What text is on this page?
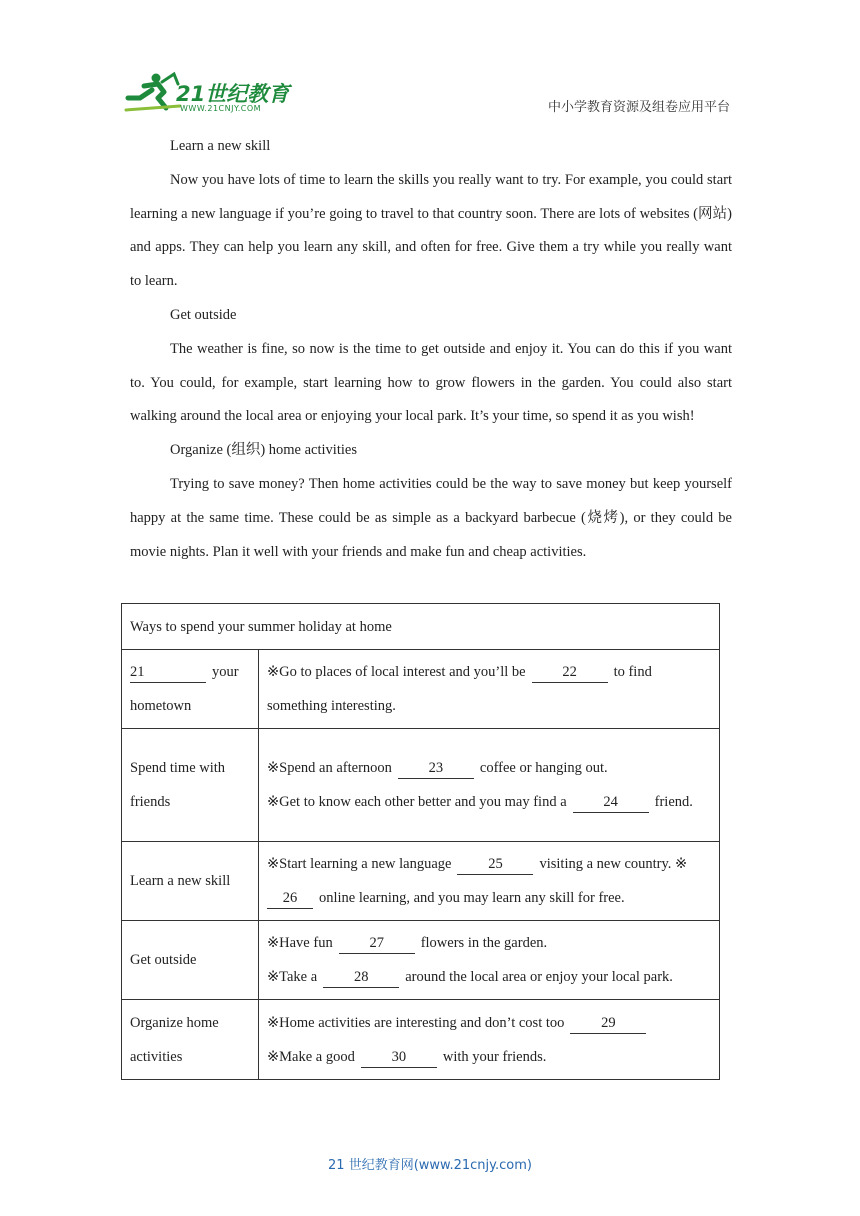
21世纪教育
WWW.21CNJY.COM	中小学教育资源及组卷应用平台

Learn a new skill

Now you have lots of time to learn the skills you really want to try. For example, you could start learning a new language if you’re going to travel to that country soon. There are lots of websites (网站) and apps. They can help you learn any skill, and often for free. Give them a try while you really want to learn.

Get outside

The weather is fine, so now is the time to get outside and enjoy it. You can do this if you want to. You could, for example, start learning how to grow flowers in the garden. You could also start walking around the local area or enjoying your local park. It’s your time, so spend it as you wish!

Organize (组织) home activities

Trying to save money? Then home activities could be the way to save money but keep yourself happy at the same time. These could be as simple as a backyard barbecue (烧烤), or they could be movie nights. Plan it well with your friends and make fun and cheap activities.

Ways to spend your summer holiday at home	
21 your hometown	※Go to places of local interest and you’ll be 22 to find something interesting.

Spend time with friends	※Spend an afternoon 23 coffee or hanging out.
※Get to know each other better and you may find a 24 friend.

Learn a new skill	※Start learning a new language 25 visiting a new country. ※
26 online learning, and you may learn any skill for free.

Get outside	※Have fun 27 flowers in the garden.
※Take a 28 around the local area or enjoy your local park.

Organize home activities	※Home activities are interesting and don’t cost too 29
※Make a good 30 with your friends.
21 世纪教育网(www.21cnjy.com)
